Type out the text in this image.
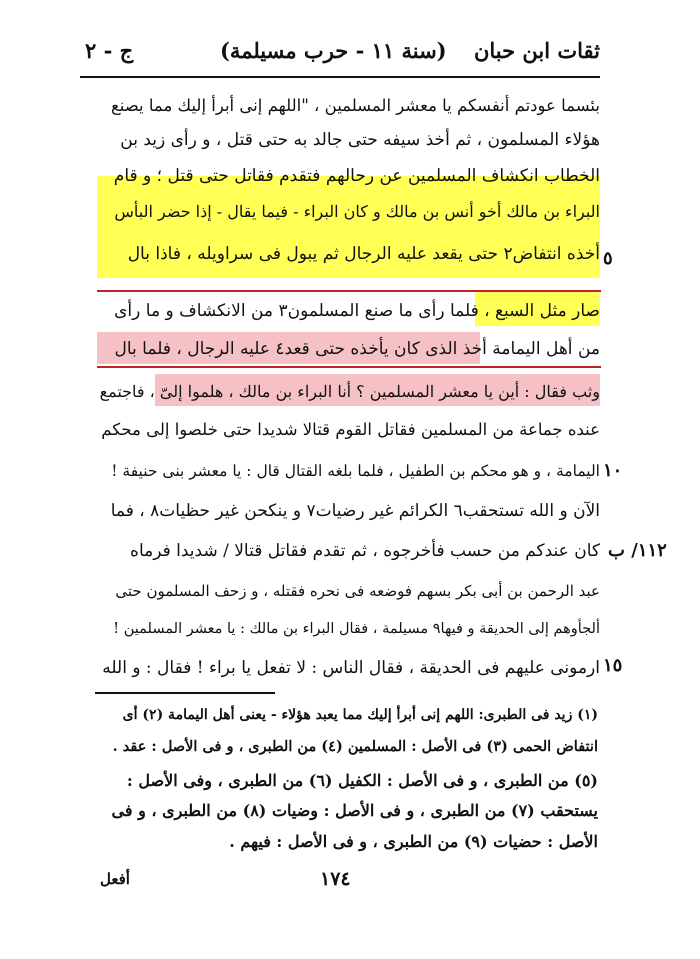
ثقات ابن حبان
(سنة ١١ - حرب مسيلمة)
ج - ٢
بئسما عودتم أنفسكم يا معشر المسلمين ، "اللهم إنى أبرأ إليك مما يصنع
هؤلاء المسلمون ، ثم أخذ سيفه حتى جالد به حتى قتل ، و رأى زيد بن
الخطاب انكشاف المسلمين عن رحالهم فتقدم فقاتل حتى قتل ؛ و قام
البراء بن مالك أخو أنس بن مالك و كان البراء - فيما يقال - إذا حضر البأس
أخذه انتفاض٢ حتى يقعد عليه الرجال ثم يبول فى سراويله ، فاذا بال
صار مثل السبع ، فلما رأى ما صنع المسلمون٣ من الانكشاف و ما رأى
من أهل اليمامة أخذ الذى كان يأخذه حتى قعد٤ عليه الرجال ، فلما بال
وثب فقال : أين يا معشر المسلمين ؟ أنا البراء بن مالك ، هلموا إلىّ ، فاجتمع
عنده جماعة من المسلمين فقاتل القوم قتالا شديدا حتى خلصوا إلى محكم
اليمامة ، و هو محكم بن الطفيل ، فلما بلغه القتال قال : يا معشر بنى حنيفة !
الآن و الله تستحقب٦ الكرائم غير رضيات٧ و ينكحن غير حظيات٨ ، فما
كان عندكم من حسب فأخرجوه ، ثم تقدم فقاتل قتالا / شديدا فرماه
عبد الرحمن بن أبى بكر بسهم فوضعه فى نحره فقتله ، و زحف المسلمون حتى
ألجأوهم إلى الحديقة و فيها٩ مسيلمة ، فقال البراء بن مالك : يا معشر المسلمين !
ارمونى عليهم فى الحديقة ، فقال الناس : لا تفعل يا براء ! فقال : و الله
٥
١٠
١٥
١١٢/ ب
(١) زيد فى الطبرى: اللهم إنى أبرأ إليك مما يعبد هؤلاء - يعنى أهل اليمامة (٢) أى
انتفاض الحمى (٣) فى الأصل : المسلمين (٤) من الطبرى ، و فى الأصل : عقد .
(٥) من الطبرى ، و فى الأصل : الكفيل (٦) من الطبرى ، وفى الأصل :
يستحقب (٧) من الطبرى ، و فى الأصل : وضيات (٨) من الطبرى ، و فى
الأصل : حضيات (٩) من الطبرى ، و فى الأصل : فيهم .
١٧٤
أفعل
